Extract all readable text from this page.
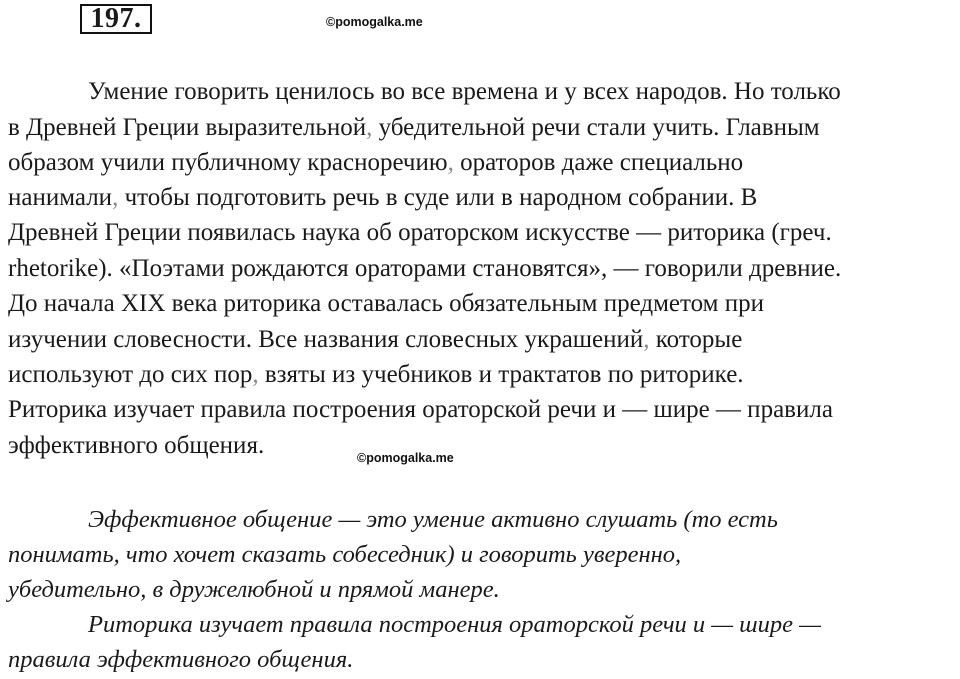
197.	©pomogalka.me
Умение говорить ценилось во все времена и у всех народов. Но только
в Древней Греции выразительной, убедительной речи стали учить. Главным
образом учили публичному красноречию, ораторов даже специально
нанимали, чтобы подготовить речь в суде или в народном собрании. В
Древней Греции появилась наука об ораторском искусстве — риторика (греч.
rhetorike). «Поэтами рождаются ораторами становятся», — говорили древние.
До начала XIX века риторика оставалась обязательным предметом при
изучении словесности. Все названия словесных украшений, которые
используют до сих пор, взяты из учебников и трактатов по риторике.
Риторика изучает правила построения ораторской речи и — шире — правила
эффективного общения.	©pomogalka.me
Эффективное общение — это умение активно слушать (то есть
понимать, что хочет сказать собеседник) и говорить уверенно,
убедительно, в дружелюбной и прямой манере.
Риторика изучает правила построения ораторской речи и — шире —
правила эффективного общения.
